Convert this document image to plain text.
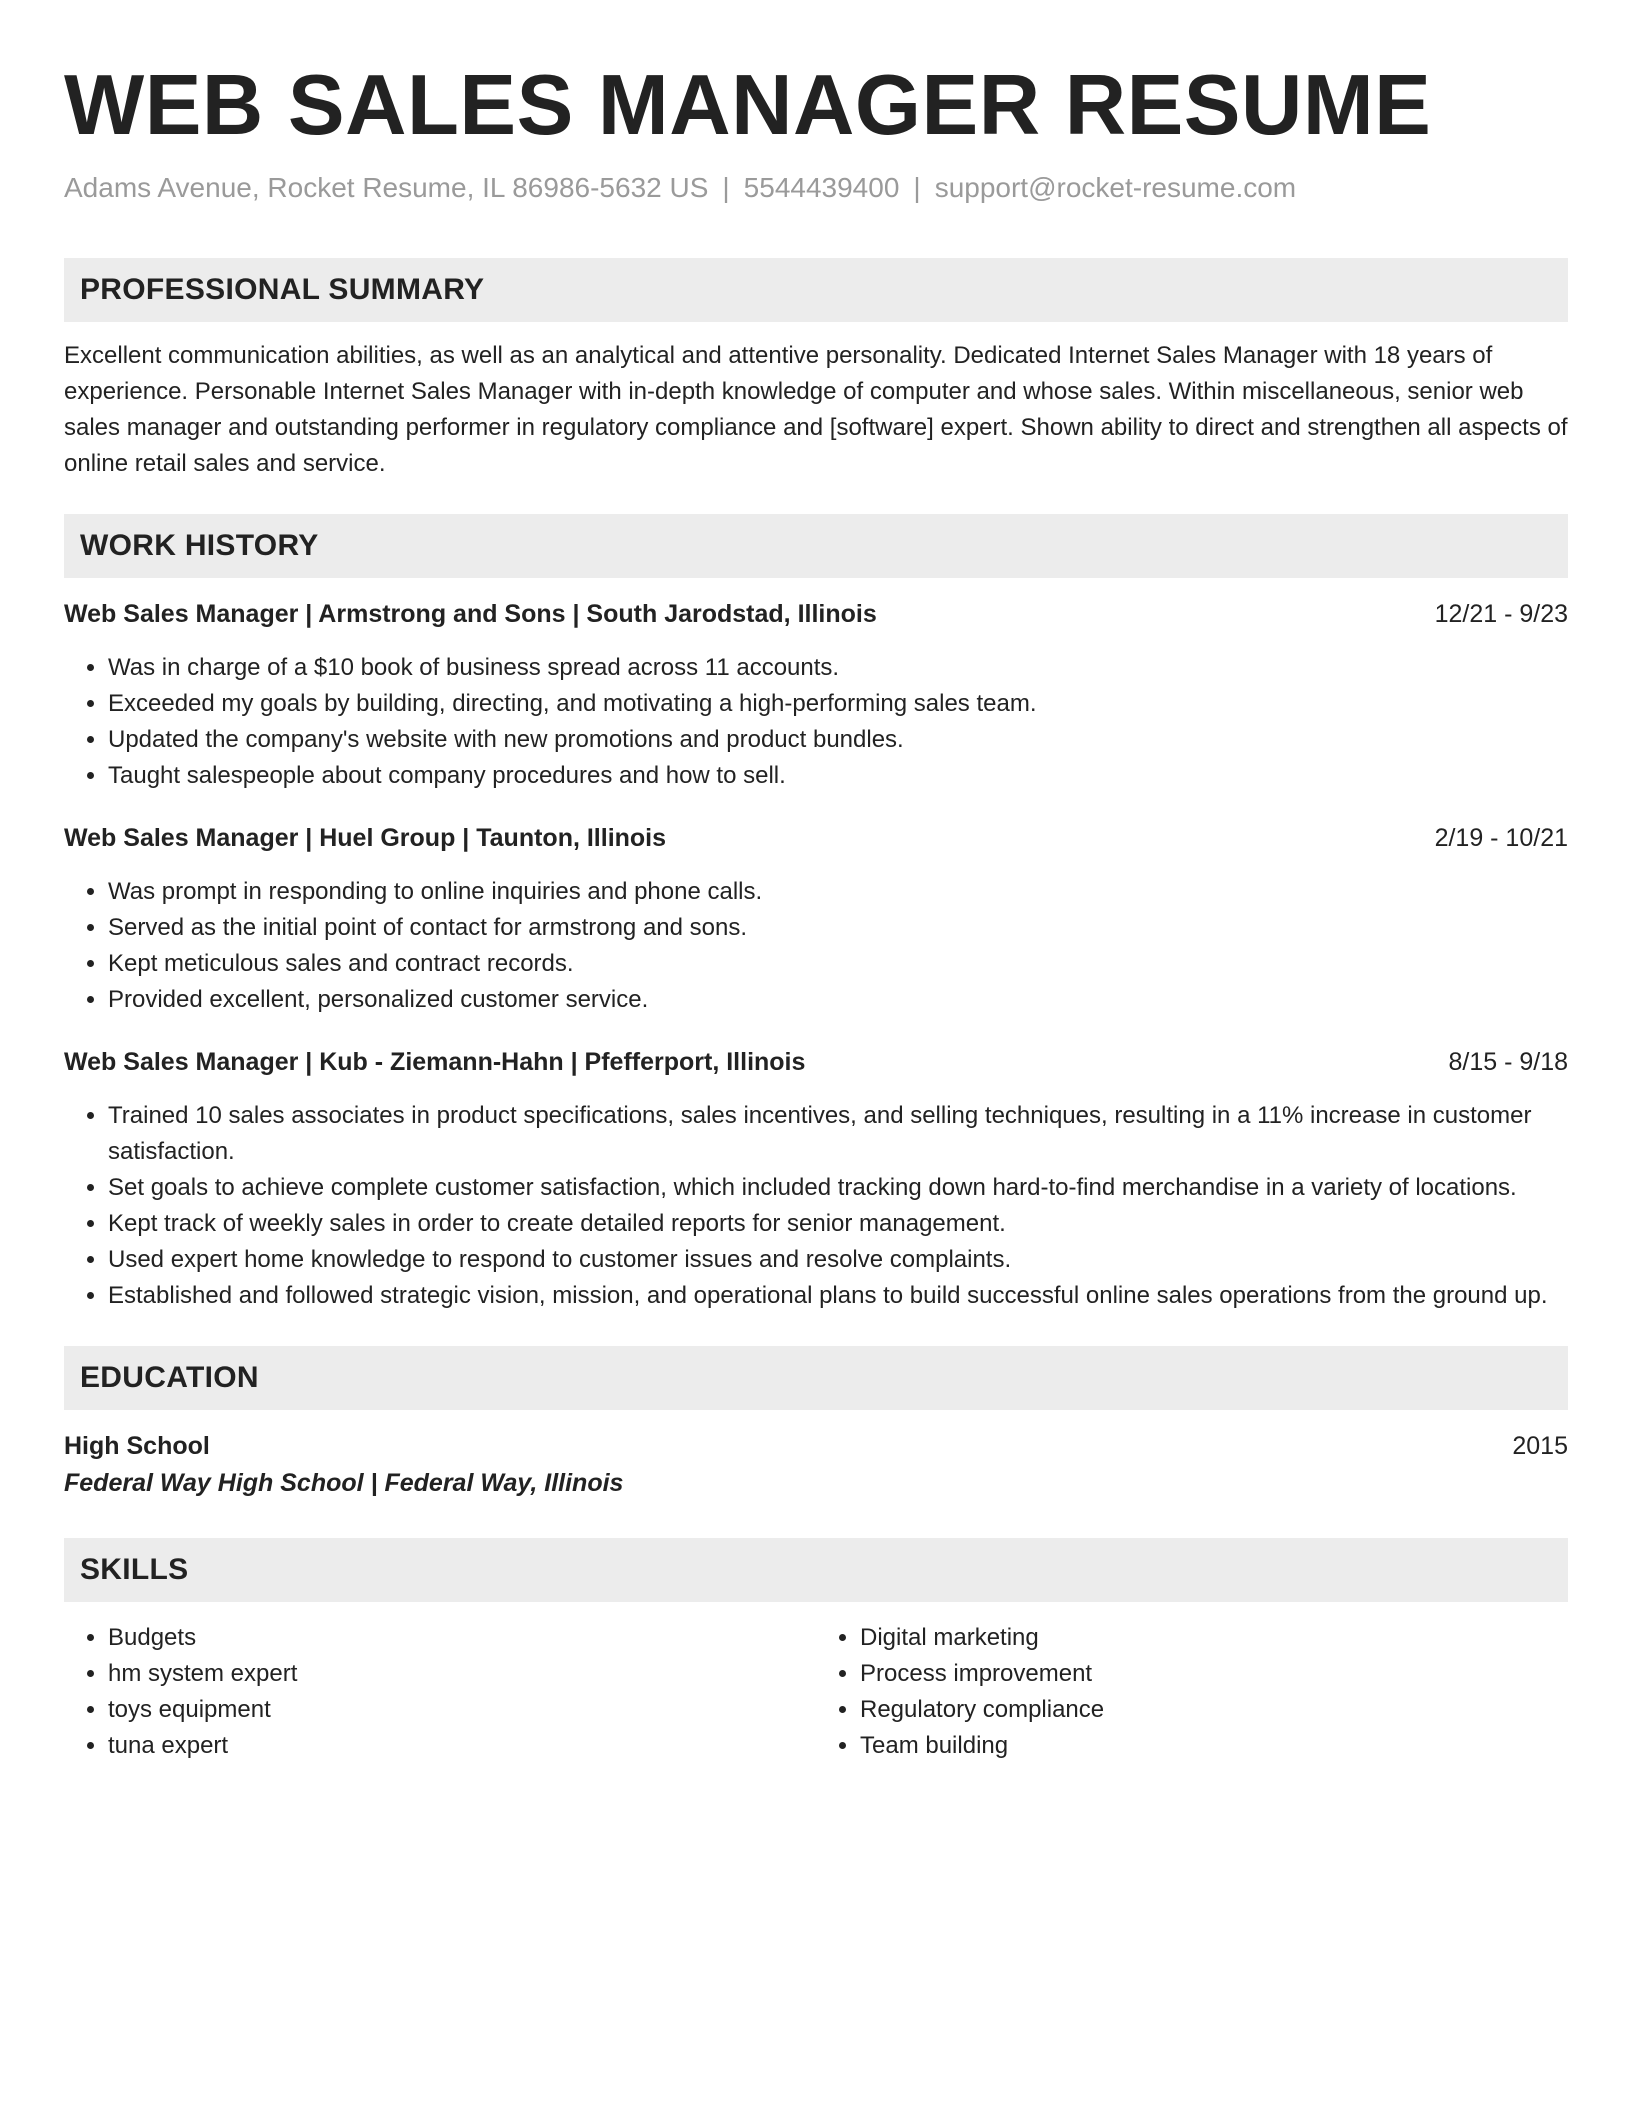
WEB SALES MANAGER RESUME
Adams Avenue, Rocket Resume, IL 86986-5632 US | 5544439400 | support@rocket-resume.com
PROFESSIONAL SUMMARY

Excellent communication abilities, as well as an analytical and attentive personality. Dedicated Internet Sales Manager with 18 years of experience. Personable Internet Sales Manager with in-depth knowledge of computer and whose sales. Within miscellaneous, senior web sales manager and outstanding performer in regulatory compliance and [software] expert. Shown ability to direct and strengthen all aspects of online retail sales and service.

WORK HISTORY
Web Sales Manager | Armstrong and Sons | South Jarodstad, Illinois	12/21 - 9/23
• Was in charge of a $10 book of business spread across 11 accounts.
• Exceeded my goals by building, directing, and motivating a high-performing sales team.
• Updated the company's website with new promotions and product bundles.
• Taught salespeople about company procedures and how to sell.
Web Sales Manager | Huel Group | Taunton, Illinois	2/19 - 10/21
• Was prompt in responding to online inquiries and phone calls.
• Served as the initial point of contact for armstrong and sons.
• Kept meticulous sales and contract records.
• Provided excellent, personalized customer service.
Web Sales Manager | Kub - Ziemann-Hahn | Pfefferport, Illinois	8/15 - 9/18
• Trained 10 sales associates in product specifications, sales incentives, and selling techniques, resulting in a 11% increase in customer satisfaction.
• Set goals to achieve complete customer satisfaction, which included tracking down hard-to-find merchandise in a variety of locations.
• Kept track of weekly sales in order to create detailed reports for senior management.
• Used expert home knowledge to respond to customer issues and resolve complaints.
• Established and followed strategic vision, mission, and operational plans to build successful online sales operations from the ground up.
EDUCATION
High School	2015
Federal Way High School | Federal Way, Illinois
SKILLS
• Budgets
• hm system expert
• toys equipment
• tuna expert
• Digital marketing
• Process improvement
• Regulatory compliance
• Team building
